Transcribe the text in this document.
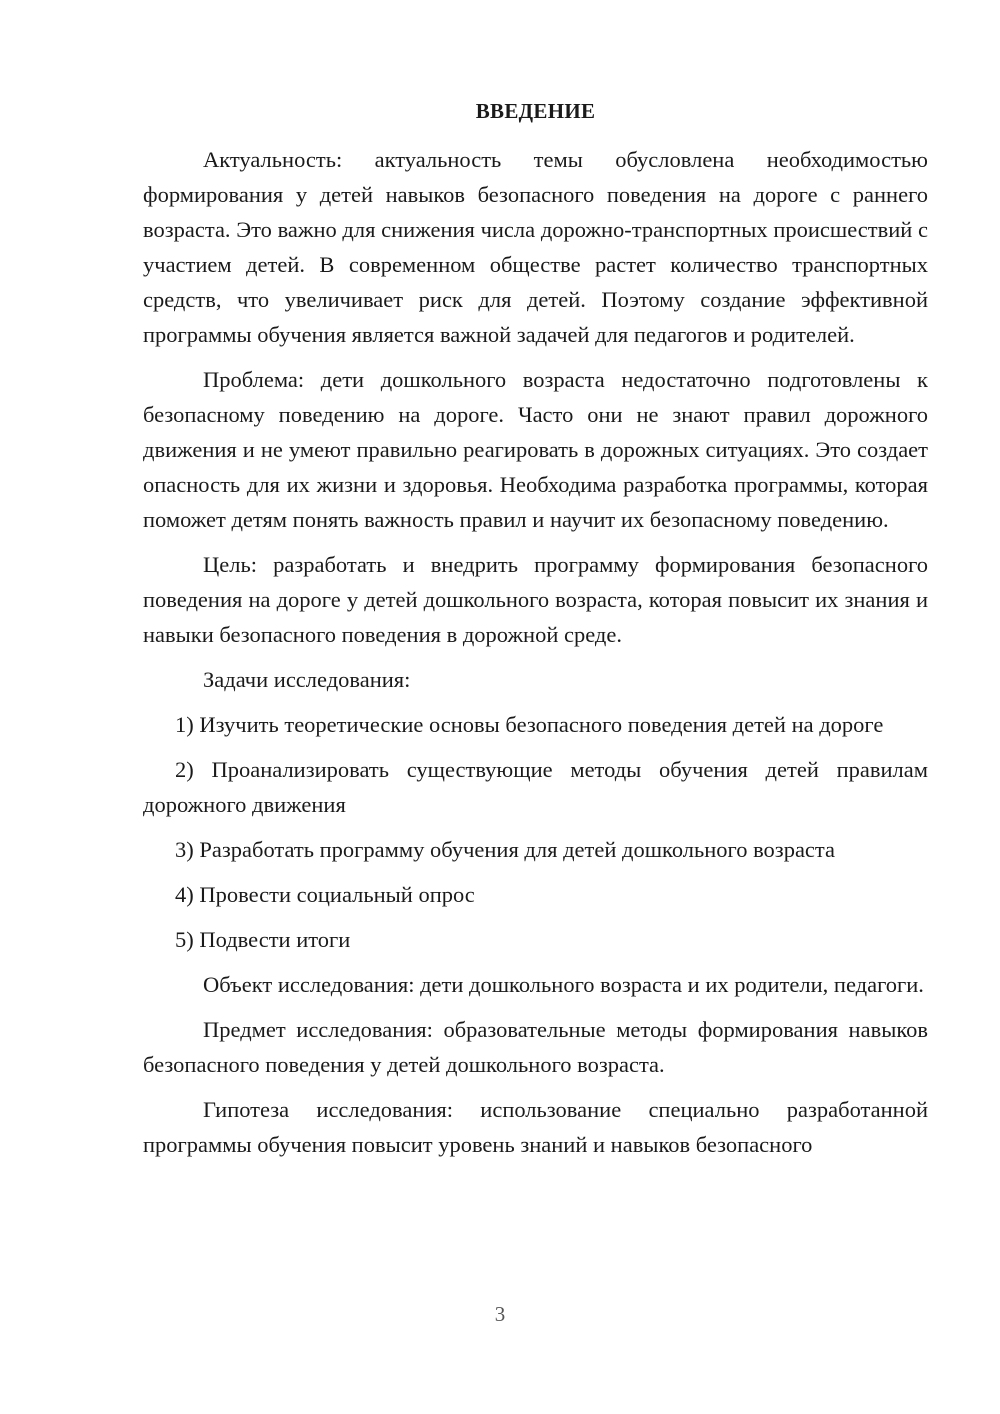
ВВЕДЕНИЕ

Актуальность: актуальность темы обусловлена необходимостью формирования у детей навыков безопасного поведения на дороге с раннего возраста. Это важно для снижения числа дорожно-транспортных происшествий с участием детей. В современном обществе растет количество транспортных средств, что увеличивает риск для детей. Поэтому создание эффективной программы обучения является важной задачей для педагогов и родителей.

Проблема: дети дошкольного возраста недостаточно подготовлены к безопасному поведению на дороге. Часто они не знают правил дорожного движения и не умеют правильно реагировать в дорожных ситуациях. Это создает опасность для их жизни и здоровья. Необходима разработка программы, которая поможет детям понять важность правил и научит их безопасному поведению.

Цель: разработать и внедрить программу формирования безопасного поведения на дороге у детей дошкольного возраста, которая повысит их знания и навыки безопасного поведения в дорожной среде.

Задачи исследования:

1) Изучить теоретические основы безопасного поведения детей на дороге

2) Проанализировать существующие методы обучения детей правилам дорожного движения

3) Разработать программу обучения для детей дошкольного возраста

4) Провести социальный опрос

5) Подвести итоги

Объект исследования: дети дошкольного возраста и их родители, педагоги.

Предмет исследования: образовательные методы формирования навыков безопасного поведения у детей дошкольного возраста.

Гипотеза исследования: использование специально разработанной программы обучения повысит уровень знаний и навыков безопасного

3
